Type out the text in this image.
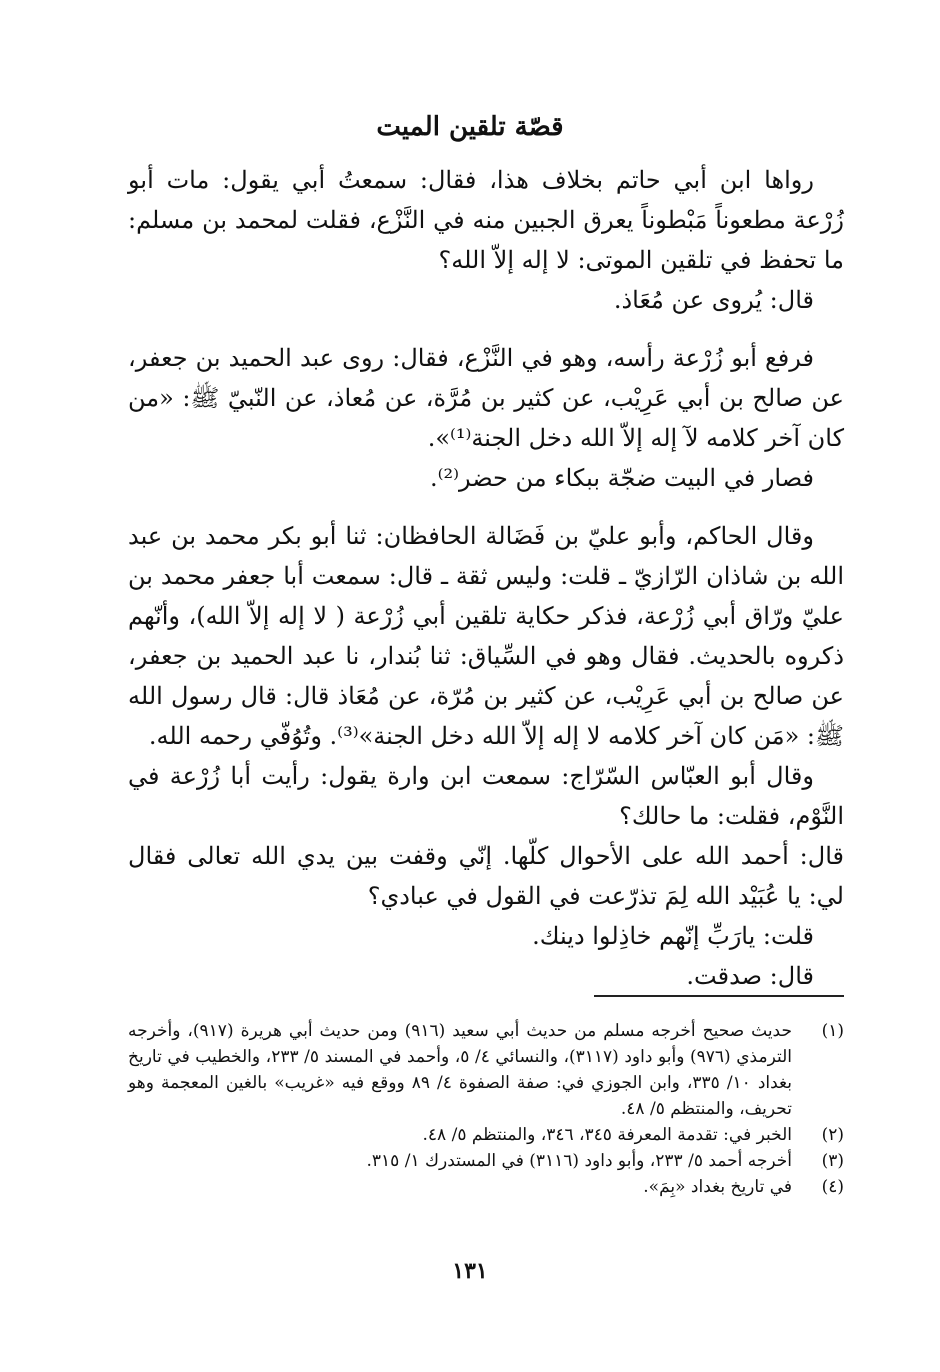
قصّة تلقين الميت

رواها ابن أبي حاتم بخلاف هذا، فقال: سمعتُ أبي يقول: مات أبو زُرْعة مطعوناً مَبْطوناً يعرق الجبين منه في النَّزْع، فقلت لمحمد بن مسلم: ما تحفظ في تلقين الموتى: لا إله إلاّ الله؟

قال: يُروى عن مُعَاذ.

فرفع أبو زُرْعة رأسه، وهو في النَّزْع، فقال: روى عبد الحميد بن جعفر، عن صالح بن أبي عَرِيْب، عن كثير بن مُرَّة، عن مُعاذ، عن النّبيّ ﷺ: «من كان آخر كلامه لآ إله إلاّ الله دخل الجنة⁽¹⁾».

فصار في البيت ضجّة ببكاء من حضر⁽²⁾.

وقال الحاكم، وأبو عليّ بن فَضَالة الحافظان: ثنا أبو بكر محمد بن عبد الله بن شاذان الرّازيّ ـ قلت: وليس ثقة ـ قال: سمعت أبا جعفر محمد بن عليّ ورّاق أبي زُرْعة، فذكر حكاية تلقين أبي زُرْعة ( لا إله إلاّ الله)، وأنّهم ذكروه بالحديث. فقال وهو في السِّياق: ثنا بُندار، نا عبد الحميد بن جعفر، عن صالح بن أبي عَرِيْب، عن كثير بن مُرّة، عن مُعَاذ قال: قال رسول الله ﷺ: «مَن كان آخر كلامه لا إله إلاّ الله دخل الجنة»⁽³⁾. وتُوُفّي رحمه الله.

وقال أبو العبّاس السّرّاج: سمعت ابن وارة يقول: رأيت أبا زُرْعة في النَّوْم، فقلت: ما حالك؟

قال: أحمد الله على الأحوال كلّها. إنّي وقفت بين يدي الله تعالى فقال لي: يا عُبَيْد الله لِمَ تذرّعت في القول في عبادي؟

قلت: يارَبِّ إنّهم خاذِلوا دينك.

قال: صدقت.

(١)
حديث صحيح أخرجه مسلم من حديث أبي سعيد (٩١٦) ومن حديث أبي هريرة (٩١٧)، وأخرجه الترمذي (٩٧٦) وأبو داود (٣١١٧)، والنسائي ٤/ ٥، وأحمد في المسند ٥/ ٢٣٣، والخطيب في تاريخ بغداد ١٠/ ٣٣٥، وابن الجوزي في: صفة الصفوة ٤/ ٨٩ ووقع فيه «غريب» بالغين المعجمة وهو تحريف، والمنتظم ٥/ ٤٨.
(٢)
الخبر في: تقدمة المعرفة ٣٤٥، ٣٤٦، والمنتظم ٥/ ٤٨.
(٣)
أخرجه أحمد ٥/ ٢٣٣، وأبو داود (٣١١٦) في المستدرك ١/ ٣١٥.
(٤)
في تاريخ بغداد «بِمَ».

١٣١
